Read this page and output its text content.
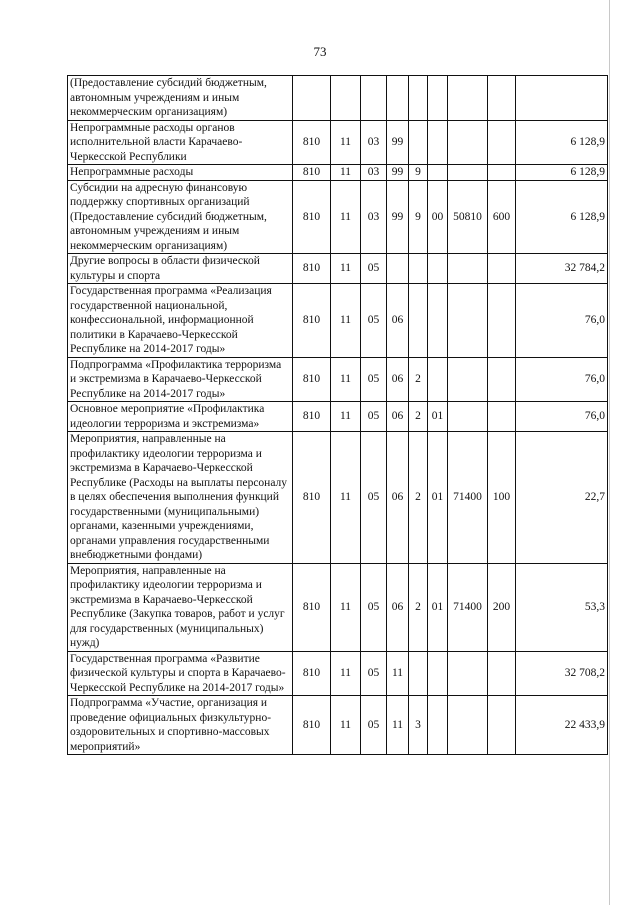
73
(Предоставление субсидий бюджетным, автономным учреждениям и иным некоммерческим организациям)									
Непрограммные расходы органов исполнительной власти Карачаево-Черкесской Республики	810	11	03	99					6 128,9
Непрограммные расходы	810	11	03	99	9				6 128,9
Субсидии на адресную финансовую поддержку спортивных организаций (Предоставление субсидий бюджетным, автономным учреждениям и иным некоммерческим организациям)	810	11	03	99	9	00	50810	600	6 128,9
Другие вопросы в области физической культуры и спорта	810	11	05						32 784,2
Государственная программа «Реализация государственной национальной, конфессиональной, информационной политики в Карачаево-Черкесской Республике на 2014-2017 годы»	810	11	05	06					76,0
Подпрограмма «Профилактика терроризма и экстремизма в Карачаево-Черкесской Республике на 2014-2017 годы»	810	11	05	06	2				76,0
Основное мероприятие «Профилактика идеологии терроризма и экстремизма»	810	11	05	06	2	01			76,0
Мероприятия, направленные на профилактику идеологии терроризма и экстремизма в Карачаево-Черкесской Республике (Расходы на выплаты персоналу в целях обеспечения выполнения функций государственными (муниципальными) органами, казенными учреждениями, органами управления государственными внебюджетными фондами)	810	11	05	06	2	01	71400	100	22,7
Мероприятия, направленные на профилактику идеологии терроризма и экстремизма в Карачаево-Черкесской Республике (Закупка товаров, работ и услуг для государственных (муниципальных) нужд)	810	11	05	06	2	01	71400	200	53,3
Государственная программа «Развитие физической культуры и спорта в Карачаево-Черкесской Республике на 2014-2017 годы»	810	11	05	11					32 708,2
Подпрограмма «Участие, организация и проведение официальных физкультурно-оздоровительных и спортивно-массовых мероприятий»	810	11	05	11	3				22 433,9
